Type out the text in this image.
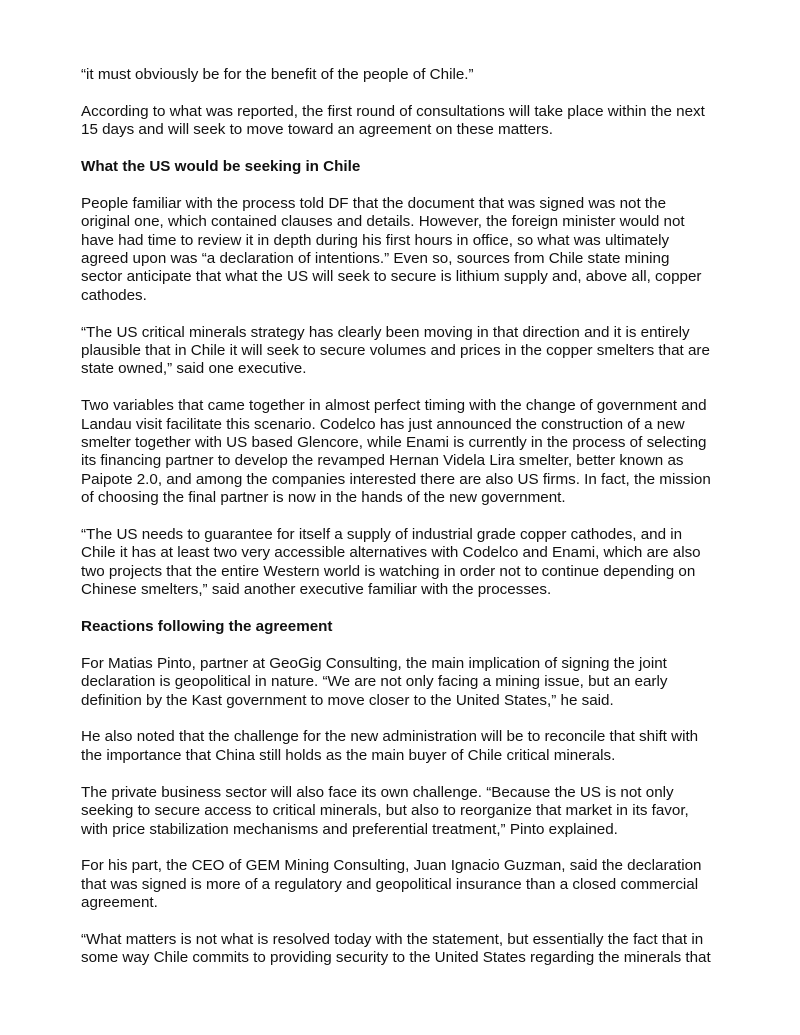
“it must obviously be for the benefit of the people of Chile.”

According to what was reported, the first round of consultations will take place within the next
15 days and will seek to move toward an agreement on these matters.

What the US would be seeking in Chile

People familiar with the process told DF that the document that was signed was not the
original one, which contained clauses and details. However, the foreign minister would not
have had time to review it in depth during his first hours in office, so what was ultimately
agreed upon was “a declaration of intentions.” Even so, sources from Chile state mining
sector anticipate that what the US will seek to secure is lithium supply and, above all, copper
cathodes.

“The US critical minerals strategy has clearly been moving in that direction and it is entirely
plausible that in Chile it will seek to secure volumes and prices in the copper smelters that are
state owned,” said one executive.

Two variables that came together in almost perfect timing with the change of government and
Landau visit facilitate this scenario. Codelco has just announced the construction of a new
smelter together with US based Glencore, while Enami is currently in the process of selecting
its financing partner to develop the revamped Hernan Videla Lira smelter, better known as
Paipote 2.0, and among the companies interested there are also US firms. In fact, the mission
of choosing the final partner is now in the hands of the new government.

“The US needs to guarantee for itself a supply of industrial grade copper cathodes, and in
Chile it has at least two very accessible alternatives with Codelco and Enami, which are also
two projects that the entire Western world is watching in order not to continue depending on
Chinese smelters,” said another executive familiar with the processes.

Reactions following the agreement

For Matias Pinto, partner at GeoGig Consulting, the main implication of signing the joint
declaration is geopolitical in nature. “We are not only facing a mining issue, but an early
definition by the Kast government to move closer to the United States,” he said.

He also noted that the challenge for the new administration will be to reconcile that shift with
the importance that China still holds as the main buyer of Chile critical minerals.

The private business sector will also face its own challenge. “Because the US is not only
seeking to secure access to critical minerals, but also to reorganize that market in its favor,
with price stabilization mechanisms and preferential treatment,” Pinto explained.

For his part, the CEO of GEM Mining Consulting, Juan Ignacio Guzman, said the declaration
that was signed is more of a regulatory and geopolitical insurance than a closed commercial
agreement.

“What matters is not what is resolved today with the statement, but essentially the fact that in
some way Chile commits to providing security to the United States regarding the minerals that
